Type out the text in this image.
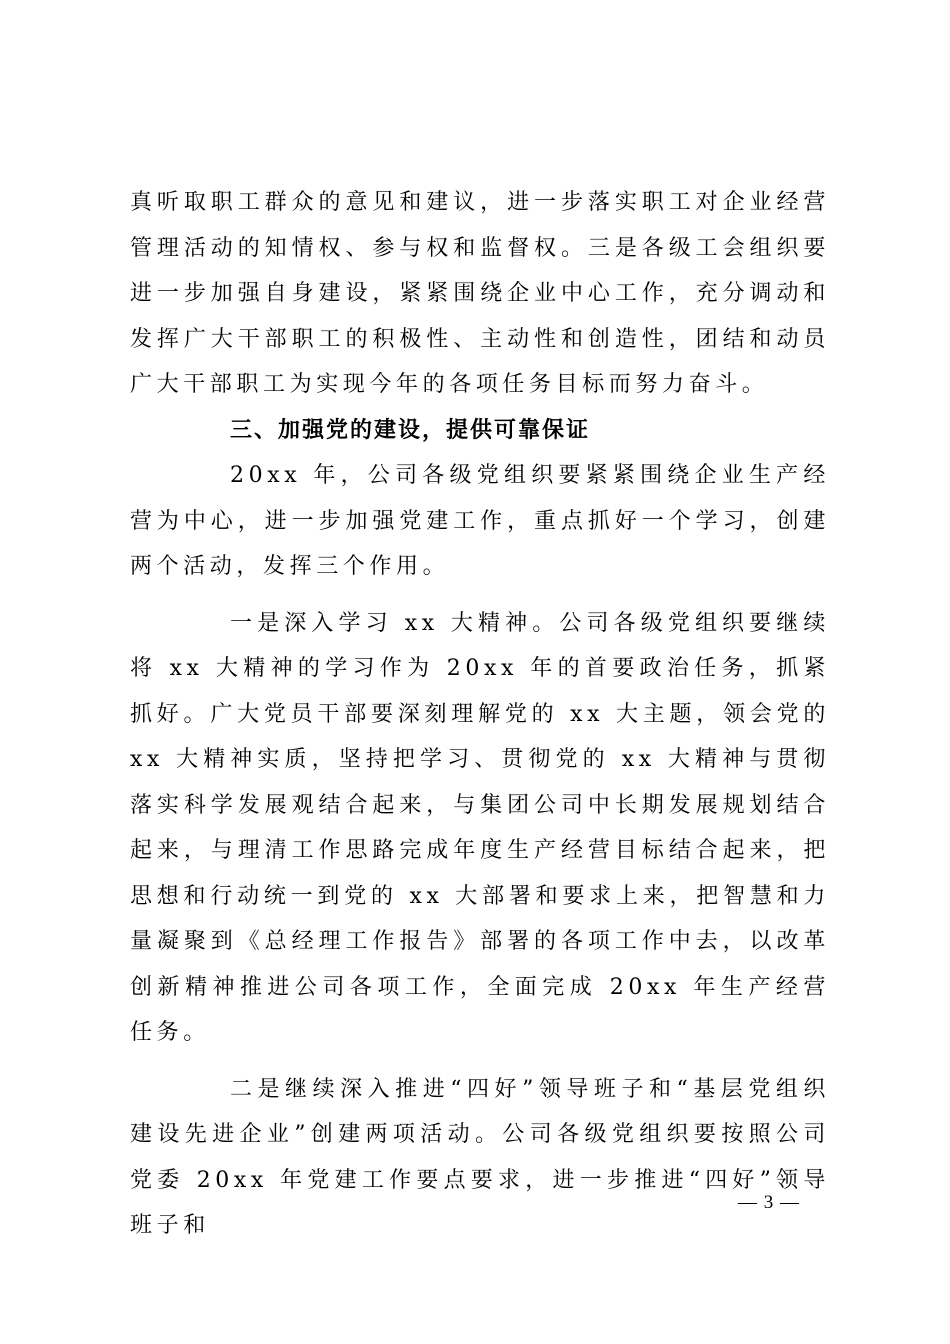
真听取职工群众的意见和建议，进一步落实职工对企业经营管理活动的知情权、参与权和监督权。三是各级工会组织要进一步加强自身建设，紧紧围绕企业中心工作，充分调动和发挥广大干部职工的积极性、主动性和创造性，团结和动员广大干部职工为实现今年的各项任务目标而努力奋斗。

三、加强党的建设，提供可靠保证

20xx 年，公司各级党组织要紧紧围绕企业生产经营为中心，进一步加强党建工作，重点抓好一个学习，创建两个活动，发挥三个作用。

一是深入学习 xx 大精神。公司各级党组织要继续将 xx 大精神的学习作为 20xx 年的首要政治任务，抓紧抓好。广大党员干部要深刻理解党的 xx 大主题，领会党的 xx 大精神实质，坚持把学习、贯彻党的 xx 大精神与贯彻落实科学发展观结合起来，与集团公司中长期发展规划结合起来，与理清工作思路完成年度生产经营目标结合起来，把思想和行动统一到党的 xx 大部署和要求上来，把智慧和力量凝聚到《总经理工作报告》部署的各项工作中去，以改革创新精神推进公司各项工作，全面完成 20xx 年生产经营任务。

二是继续深入推进“四好”领导班子和“基层党组织建设先进企业”创建两项活动。公司各级党组织要按照公司党委 20xx 年党建工作要点要求，进一步推进“四好”领导班子和

— 3 —
